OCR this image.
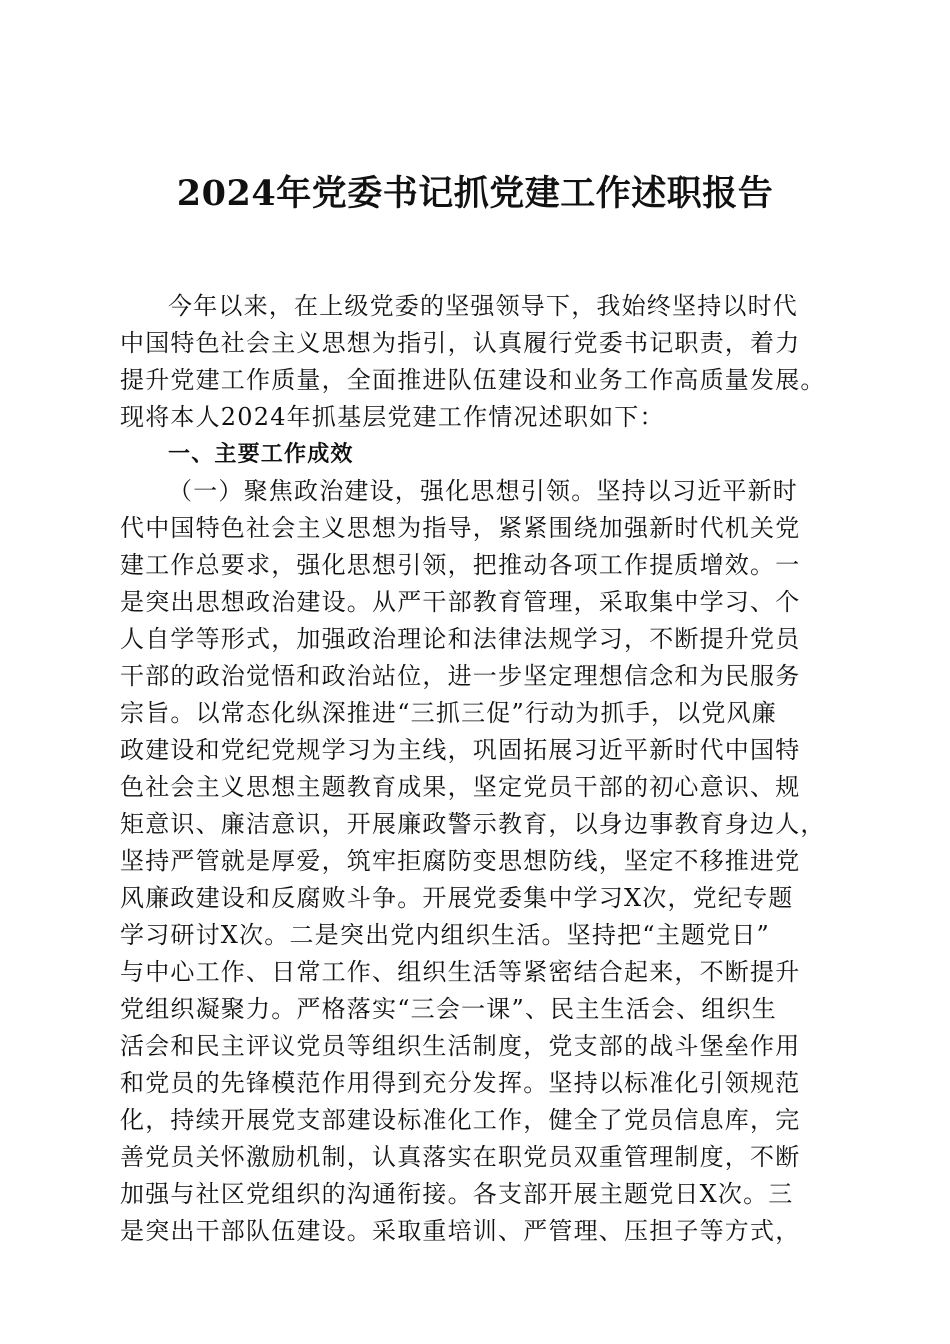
2024年党委书记抓党建工作述职报告
今年以来，在上级党委的坚强领导下，我始终坚持以时代
中国特色社会主义思想为指引，认真履行党委书记职责，着力
提升党建工作质量，全面推进队伍建设和业务工作高质量发展。
现将本人2024年抓基层党建工作情况述职如下：
一、主要工作成效
（一）聚焦政治建设，强化思想引领。坚持以习近平新时
代中国特色社会主义思想为指导，紧紧围绕加强新时代机关党
建工作总要求，强化思想引领，把推动各项工作提质增效。一
是突出思想政治建设。从严干部教育管理，采取集中学习、个
人自学等形式，加强政治理论和法律法规学习，不断提升党员
干部的政治觉悟和政治站位，进一步坚定理想信念和为民服务
宗旨。以常态化纵深推进“三抓三促”行动为抓手，以党风廉
政建设和党纪党规学习为主线，巩固拓展习近平新时代中国特
色社会主义思想主题教育成果，坚定党员干部的初心意识、规
矩意识、廉洁意识，开展廉政警示教育，以身边事教育身边人，
坚持严管就是厚爱，筑牢拒腐防变思想防线，坚定不移推进党
风廉政建设和反腐败斗争。开展党委集中学习X次，党纪专题
学习研讨X次。二是突出党内组织生活。坚持把“主题党日”
与中心工作、日常工作、组织生活等紧密结合起来，不断提升
党组织凝聚力。严格落实“三会一课”、民主生活会、组织生
活会和民主评议党员等组织生活制度，党支部的战斗堡垒作用
和党员的先锋模范作用得到充分发挥。坚持以标准化引领规范
化，持续开展党支部建设标准化工作，健全了党员信息库，完
善党员关怀激励机制，认真落实在职党员双重管理制度，不断
加强与社区党组织的沟通衔接。各支部开展主题党日X次。三
是突出干部队伍建设。采取重培训、严管理、压担子等方式，
